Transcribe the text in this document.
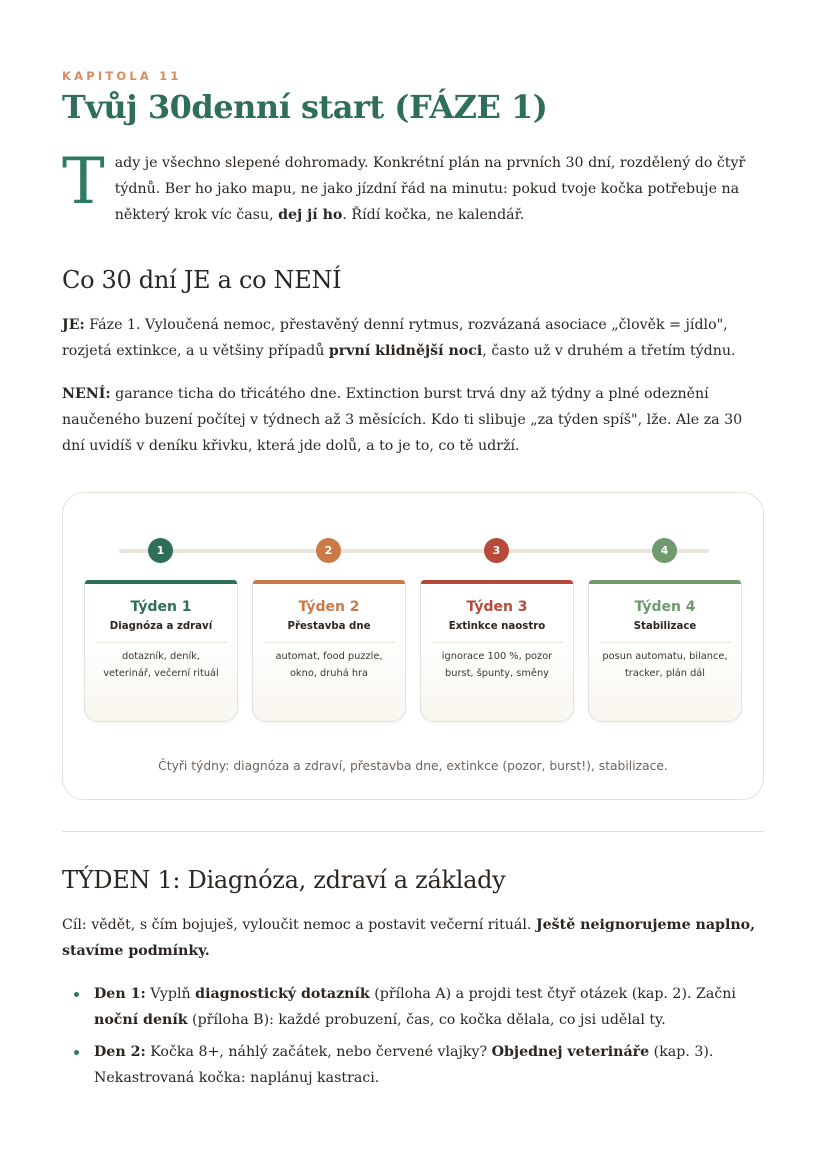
KAPITOLA 11
Tvůj 30denní start (FÁZE 1)
T ady je všechno slepené dohromady. Konkrétní plán na prvních 30 dní, rozdělený do čtyř týdnů. Ber ho jako mapu, ne jako jízdní řád na minutu: pokud tvoje kočka potřebuje na některý krok víc času, dej jí ho. Řídí kočka, ne kalendář.

Co 30 dní JE a co NENÍ

JE: Fáze 1. Vyloučená nemoc, přestavěný denní rytmus, rozvázaná asociace „člověk = jídlo", rozjetá extinkce, a u většiny případů první klidnější noci, často už v druhém a třetím týdnu.

NENÍ: garance ticha do třicátého dne. Extinction burst trvá dny až týdny a plné odeznění naučeného buzení počítej v týdnech až 3 měsících. Kdo ti slibuje „za týden spíš", lže. Ale za 30 dní uvidíš v deníku křivku, která jde dolů, a to je to, co tě udrží.

1	2	3	4
Týden 1
Diagnóza a zdraví
dotazník, deník, veterinář, večerní rituál
Týden 2
Přestavba dne
automat, food puzzle, okno, druhá hra
Týden 3
Extinkce naostro
ignorace 100 %, pozor burst, špunty, směny
Týden 4
Stabilizace
posun automatu, bilance, tracker, plán dál
Čtyři týdny: diagnóza a zdraví, přestavba dne, extinkce (pozor, burst!), stabilizace.
TÝDEN 1: Diagnóza, zdraví a základy

Cíl: vědět, s čím bojuješ, vyloučit nemoc a postavit večerní rituál. Ještě neignorujeme naplno, stavíme podmínky.

Den 1: Vyplň diagnostický dotazník (příloha A) a projdi test čtyř otázek (kap. 2). Začni noční deník (příloha B): každé probuzení, čas, co kočka dělala, co jsi udělal ty.
Den 2: Kočka 8+, náhlý začátek, nebo červené vlajky? Objednej veterináře (kap. 3). Nekastrovaná kočka: naplánuj kastraci.
